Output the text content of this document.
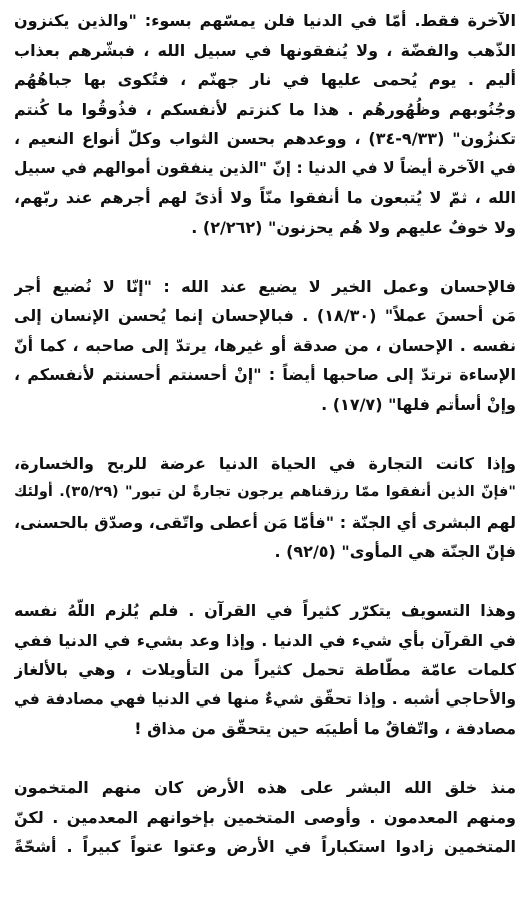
الآخرة فقط. أمّا في الدنيا فلن يمسّهم بسوء: "والذين يكنزون
الذّهب والفضّة ، ولا يُنفقونها في سبيل الله ، فبشّرهم بعذاب
أليم . يوم يُحمى عليها في نار جهنّم ، فتُكوى بها جباهُهُم
وجُنُوبهم وظُهُورهُم . هذا ما كنزتم لأنفسكم ، فذُوقُوا ما كُنتم
تكنزُون" (٩/٣٣-٣٤) ، ووعدهم بحسن الثواب وكلّ أنواع النعيم ،
في الآخرة أيضاً لا في الدنيا : إنّ "الذين ينفقون أموالهم في سبيل
الله ، ثمّ لا يُتبعون ما أنفقوا منّاً ولا أذىً لهم أجرهم عند ربّهم،
ولا خوفٌ عليهم ولا هُم يحزنون" (٢/٢٦٢) .
فالإحسان وعمل الخير لا يضيع عند الله : "إنّا لا نُضيع أجر
مَن أحسنَ عملاً" (١٨/٣٠) . فبالإحسان إنما يُحسن الإنسان إلى
نفسه . الإحسان ، من صدقة أو غيرها، يرتدّ إلى صاحبه ، كما أنّ
الإساءة ترتدّ إلى صاحبها أيضاً : "إنْ أحسنتم أحسنتم لأنفسكم ،
وإنْ أسأتم فلها" (١٧/٧) .
وإذا كانت التجارة في الحياة الدنيا عرضة للربح والخسارة،
"فإنّ الذين أنفقوا ممّا رزقناهم يرجون تجارةً لن تبور" (٣٥/٢٩). أولئك
لهم البشرى أي الجنّة : "فأمّا مَن أعطى واتّقى، وصدّق بالحسنى،
فإنّ الجنّة هي المأوى" (٩٢/٥) .
وهذا التسويف يتكرّر كثيراً في القرآن . فلم يُلزم اللّهُ نفسه
في القرآن بأي شيء في الدنيا . وإذا وعد بشيء في الدنيا ففي
كلمات عامّة مطّاطة تحمل كثيراً من التأويلات ، وهي بالألغاز
والأحاجي أشبه . وإذا تحقّق شيءٌ منها في الدنيا فهي مصادفة في
مصادفة ، واتّفاقٌ ما أطيبَه حين يتحقّق من مذاق !
منذ خلق الله البشر على هذه الأرض كان منهم المتخمون
ومنهم المعدمون . وأوصى المتخمين بإخوانهم المعدمين . لكنّ
المتخمين زادوا استكباراً في الأرض وعتوا عتواً كبيراً . أشحّةً
